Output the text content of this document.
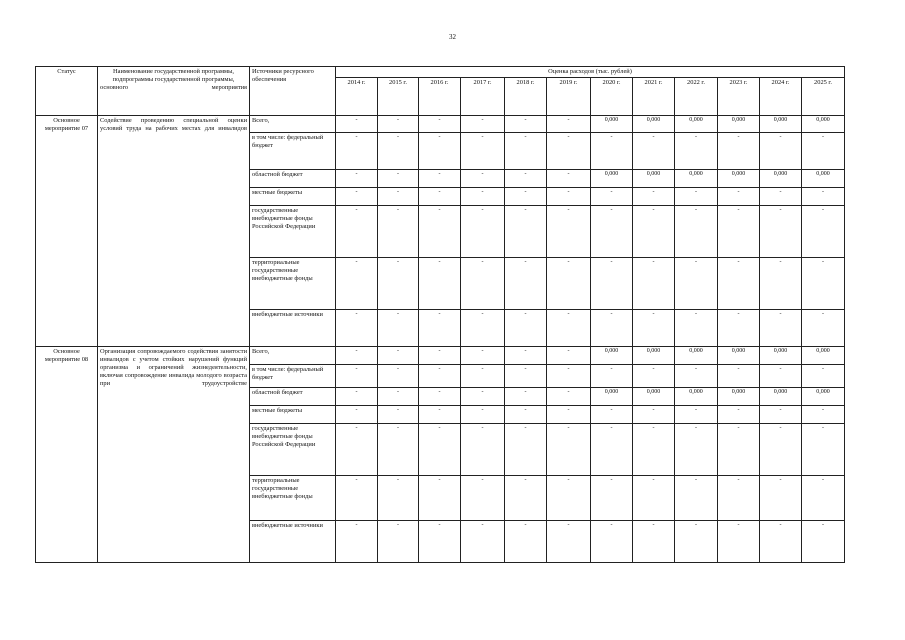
32
Статус	Наименование государственной программы, подпрограммы государственной программы, основного мероприятия	Источники ресурсного обеспечения	Оценка расходов (тыс. рублей)											
			2014 г.	2015 г.	2016 г.	2017 г.	2018 г.	2019 г.	2020 г.	2021 г.	2022 г.	2023 г.	2024 г.	2025 г.
Основное мероприятие 07	Содействие проведению специальной оценки условий труда на рабочих местах для инвалидов	Всего,	-	-	-	-	-	-	0,000	0,000	0,000	0,000	0,000	0,000
		в том числе: федеральный бюджет	-	-	-	-	-	-	-	-	-	-	-	-
		областной бюджет	-	-	-	-	-	-	0,000	0,000	0,000	0,000	0,000	0,000
		местные бюджеты	-	-	-	-	-	-	-	-	-	-	-	-
		государственные внебюджетные фонды Российской Федерации	-	-	-	-	-	-	-	-	-	-	-	-
		территориальные государственные внебюджетные фонды	-	-	-	-	-	-	-	-	-	-	-	-
		внебюджетные источники	-	-	-	-	-	-	-	-	-	-	-	-
Основное мероприятие 08	Организация сопровождаемого содействия занятости инвалидов с учетом стойких нарушений функций организма и ограничений жизнедеятельности, включая сопровождение инвалида молодого возраста при трудоустройстве	Всего,	-	-	-	-	-	-	0,000	0,000	0,000	0,000	0,000	0,000
		в том числе: федеральный бюджет	-	-	-	-	-	-	-	-	-	-	-	-
		областной бюджет	-	-	-	-	-	-	0,000	0,000	0,000	0,000	0,000	0,000
		местные бюджеты	-	-	-	-	-	-	-	-	-	-	-	-
		государственные внебюджетные фонды Российской Федерации	-	-	-	-	-	-	-	-	-	-	-	-
		территориальные государственные внебюджетные фонды	-	-	-	-	-	-	-	-	-	-	-	-
		внебюджетные источники	-	-	-	-	-	-	-	-	-	-	-	-
